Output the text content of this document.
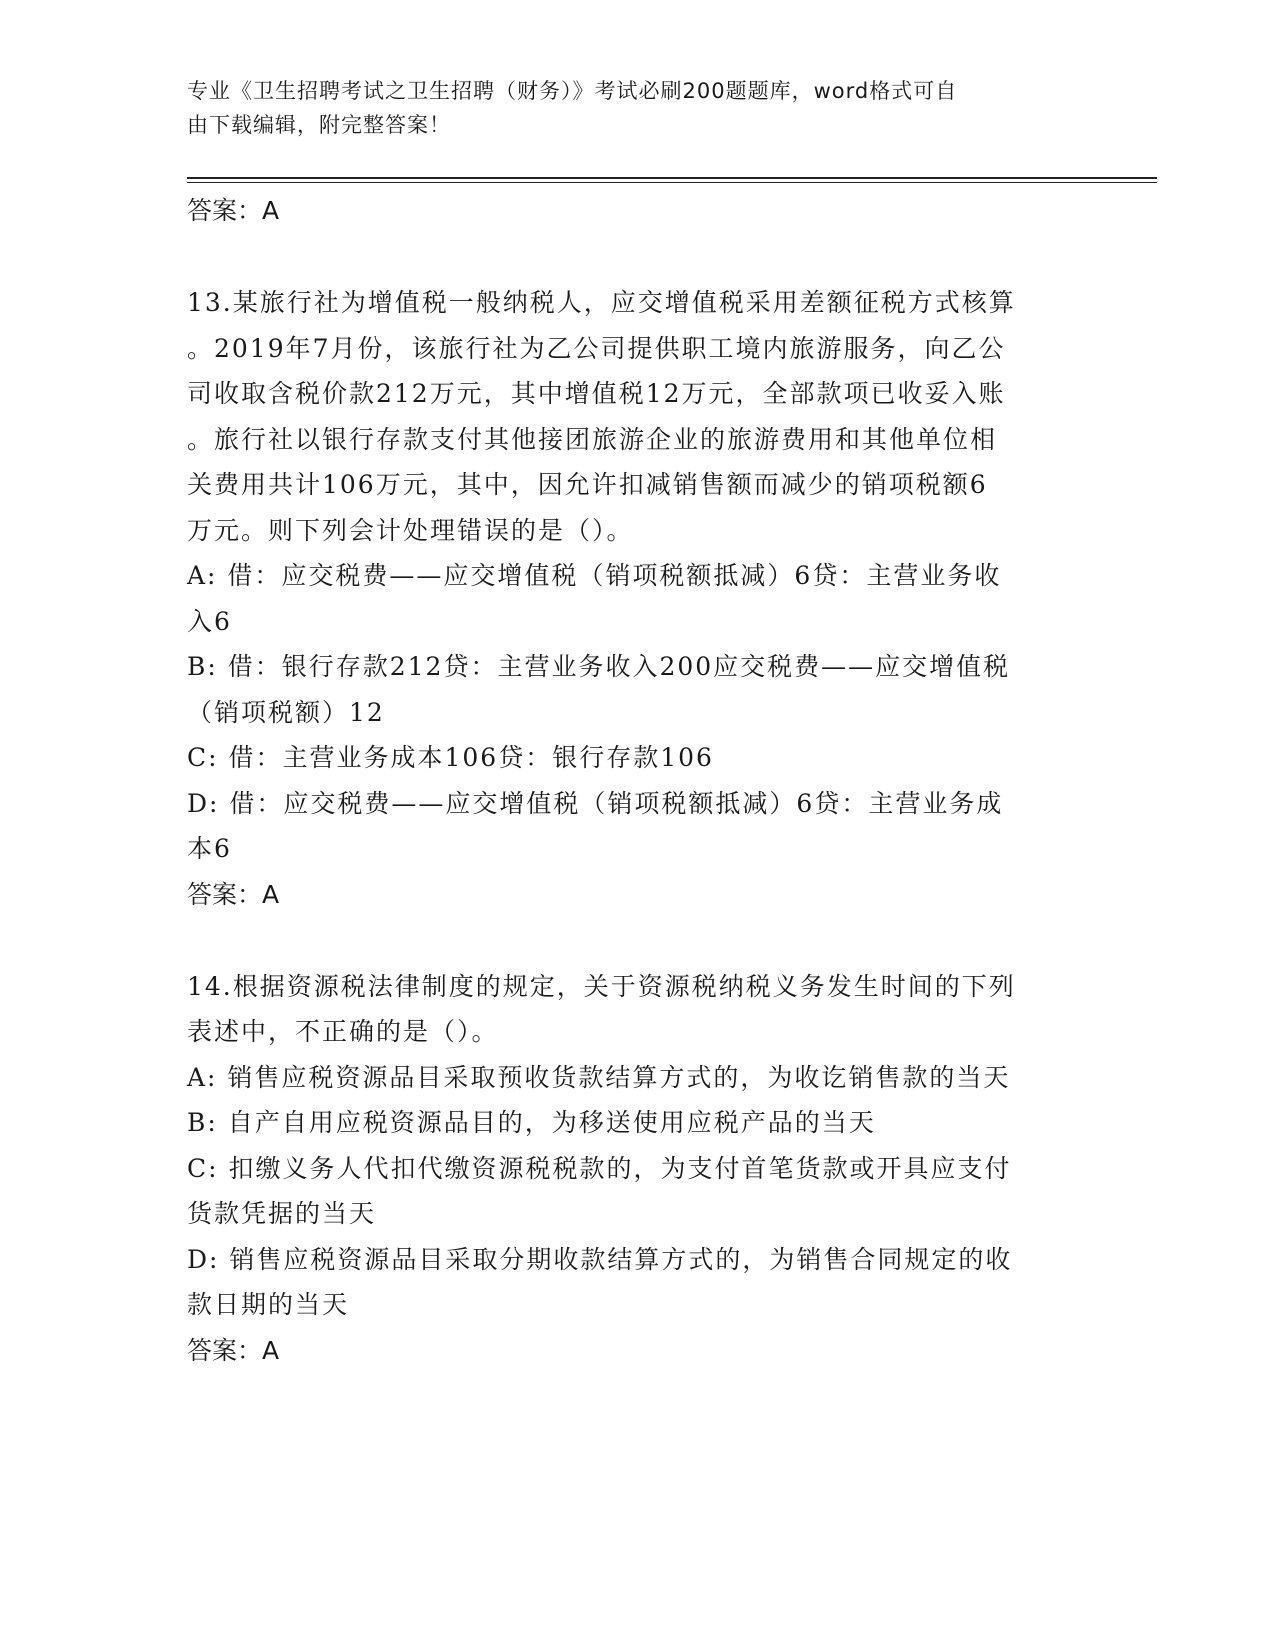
专业《卫生招聘考试之卫生招聘（财务）》考试必刷200题题库，word格式可自
由下载编辑，附完整答案！

答案：A

13.某旅行社为增值税一般纳税人，应交增值税采用差额征税方式核算

。2019年7月份，该旅行社为乙公司提供职工境内旅游服务，向乙公

司收取含税价款212万元，其中增值税12万元，全部款项已收妥入账

。旅行社以银行存款支付其他接团旅游企业的旅游费用和其他单位相

关费用共计106万元，其中，因允许扣减销售额而减少的销项税额6

万元。则下列会计处理错误的是（）。

A: 借：应交税费——应交增值税（销项税额抵减）6贷：主营业务收

入6

B: 借：银行存款212贷：主营业务收入200应交税费——应交增值税

（销项税额）12

C: 借：主营业务成本106贷：银行存款106

D: 借：应交税费——应交增值税（销项税额抵减）6贷：主营业务成

本6

答案：A

14.根据资源税法律制度的规定，关于资源税纳税义务发生时间的下列

表述中，不正确的是（）。

A: 销售应税资源品目采取预收货款结算方式的，为收讫销售款的当天

B: 自产自用应税资源品目的，为移送使用应税产品的当天

C: 扣缴义务人代扣代缴资源税税款的，为支付首笔货款或开具应支付

货款凭据的当天

D: 销售应税资源品目采取分期收款结算方式的，为销售合同规定的收

款日期的当天

答案：A
